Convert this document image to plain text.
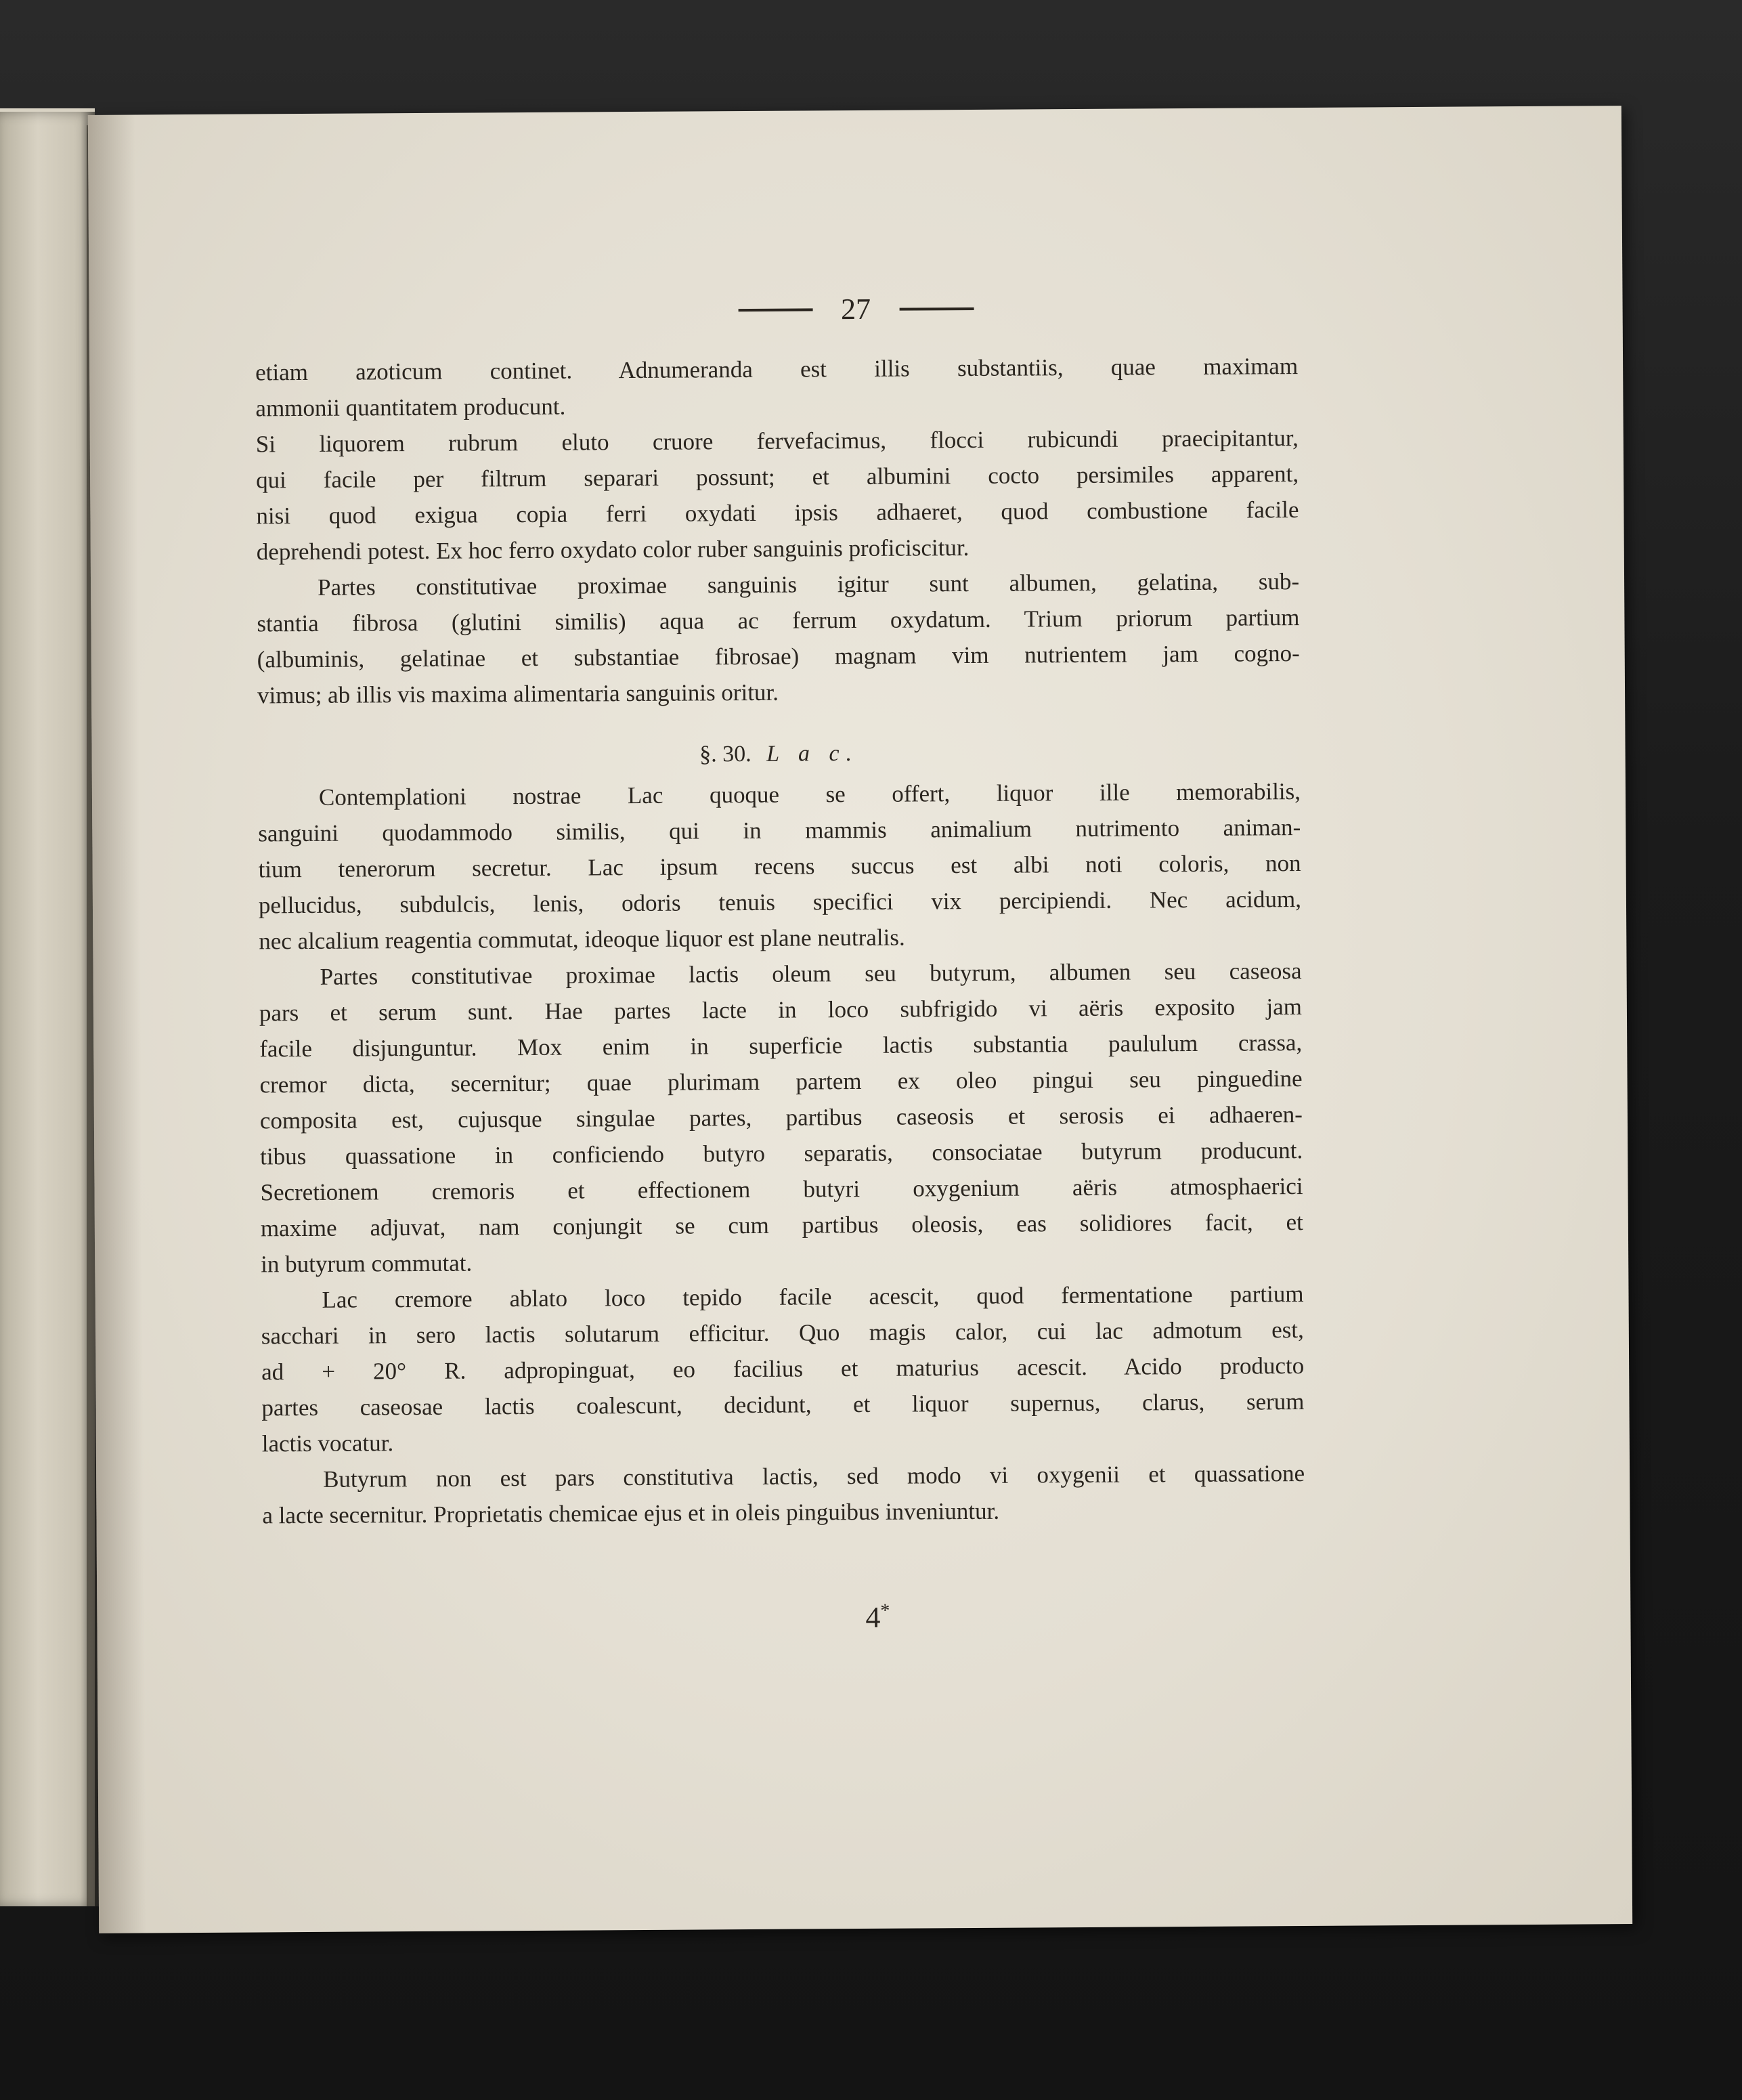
27
etiam azoticum continet. Adnumeranda est illis substantiis, quae maximam
ammonii quantitatem producunt.
Si liquorem rubrum eluto cruore fervefacimus, flocci rubicundi praecipitantur,
qui facile per filtrum separari possunt; et albumini cocto persimiles apparent,
nisi quod exigua copia ferri oxydati ipsis adhaeret, quod combustione facile
deprehendi potest. Ex hoc ferro oxydato color ruber sanguinis proficiscitur.
Partes constitutivae proximae sanguinis igitur sunt albumen, gelatina, sub-
stantia fibrosa (glutini similis) aqua ac ferrum oxydatum. Trium priorum partium
(albuminis, gelatinae et substantiae fibrosae) magnam vim nutrientem jam cogno-
vimus; ab illis vis maxima alimentaria sanguinis oritur.
§. 30. L a c.
Contemplationi nostrae Lac quoque se offert, liquor ille memorabilis,
sanguini quodammodo similis, qui in mammis animalium nutrimento animan-
tium tenerorum secretur. Lac ipsum recens succus est albi noti coloris, non
pellucidus, subdulcis, lenis, odoris tenuis specifici vix percipiendi. Nec acidum,
nec alcalium reagentia commutat, ideoque liquor est plane neutralis.
Partes constitutivae proximae lactis oleum seu butyrum, albumen seu caseosa
pars et serum sunt. Hae partes lacte in loco subfrigido vi aëris exposito jam
facile disjunguntur. Mox enim in superficie lactis substantia paululum crassa,
cremor dicta, secernitur; quae plurimam partem ex oleo pingui seu pinguedine
composita est, cujusque singulae partes, partibus caseosis et serosis ei adhaeren-
tibus quassatione in conficiendo butyro separatis, consociatae butyrum producunt.
Secretionem cremoris et effectionem butyri oxygenium aëris atmosphaerici
maxime adjuvat, nam conjungit se cum partibus oleosis, eas solidiores facit, et
in butyrum commutat.
Lac cremore ablato loco tepido facile acescit, quod fermentatione partium
sacchari in sero lactis solutarum efficitur. Quo magis calor, cui lac admotum est,
ad + 20° R. adpropinguat, eo facilius et maturius acescit. Acido producto
partes caseosae lactis coalescunt, decidunt, et liquor supernus, clarus, serum
lactis vocatur.
Butyrum non est pars constitutiva lactis, sed modo vi oxygenii et quassatione
a lacte secernitur. Proprietatis chemicae ejus et in oleis pinguibus inveniuntur.
4*
